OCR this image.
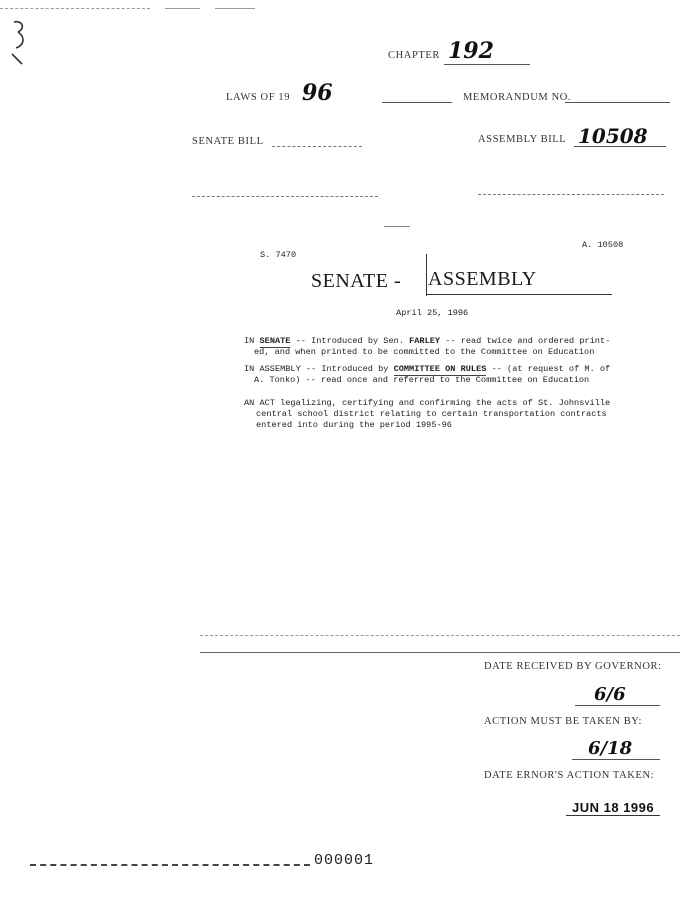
CHAPTER 192
LAWS OF 19 96	MEMORANDUM NO.
SENATE BILL	ASSEMBLY BILL 10508
S. 7470
A. 10508
SENATE - ASSEMBLY
April 25, 1996
IN SENATE -- Introduced by Sen. FARLEY -- read twice and ordered print-
ed, and when printed to be committed to the Committee on Education
IN ASSEMBLY -- Introduced by COMMITTEE ON RULES -- (at request of M. of
A. Tonko) -- read once and referred to the Committee on Education
AN ACT legalizing, certifying and confirming the acts of St. Johnsville
central school district relating to certain transportation contracts
entered into during the period 1995-96
DATE RECEIVED BY GOVERNOR:
6/6
ACTION MUST BE TAKEN BY:
6/18
DATE ERNOR'S ACTION TAKEN:
JUN 18 1996
000001
